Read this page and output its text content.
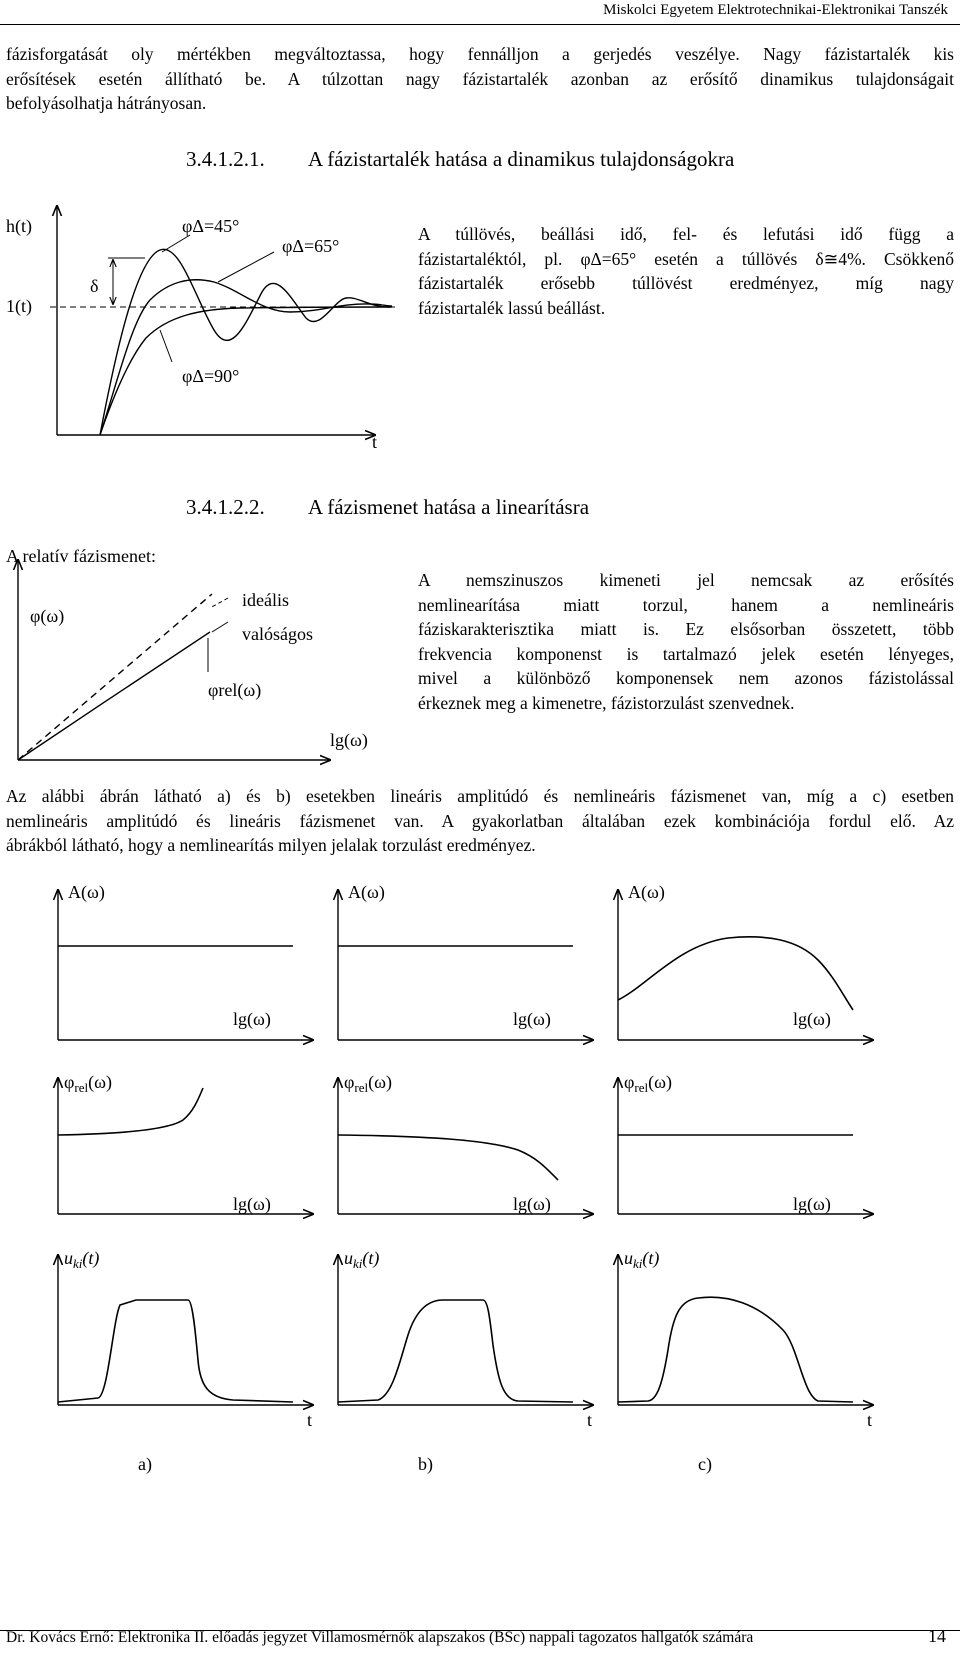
Miskolci Egyetem Elektrotechnikai-Elektronikai Tanszék
fázisforgatását oly mértékben megváltoztassa, hogy fennálljon a gerjedés veszélye. Nagy fázistartalék kis
erősítések esetén állítható be. A túlzottan nagy fázistartalék azonban az erősítő dinamikus tulajdonságait
befolyásolhatja hátrányosan.
3.4.1.2.1. A fázistartalék hatása a dinamikus tulajdonságokra
A túllövés, beállási idő, fel- és lefutási idő függ a
fázistartaléktól, pl. φΔ=65° esetén a túllövés δ≅4%. Csökkenő
fázistartalék erősebb túllövést eredményez, míg nagy
fázistartalék lassú beállást.
3.4.1.2.2. A fázismenet hatása a linearításra
A relatív fázismenet:
A nemszinuszos kimeneti jel nemcsak az erősítés
nemlinearítása miatt torzul, hanem a nemlineáris
fáziskarakterisztika miatt is. Ez elsősorban összetett, több
frekvencia komponenst is tartalmazó jelek esetén lényeges,
mivel a különböző komponensek nem azonos fázistolással
érkeznek meg a kimenetre, fázistorzulást szenvednek.
Az alábbi ábrán látható a) és b) esetekben lineáris amplitúdó és nemlineáris fázismenet van, míg a c) esetben
nemlineáris amplitúdó és lineáris fázismenet van. A gyakorlatban általában ezek kombinációja fordul elő. Az
ábrákból látható, hogy a nemlinearítás milyen jelalak torzulást eredményez.
h(t)
1(t)
δ
φΔ=45°
φΔ=65°
φΔ=90°
t
φ(ω)
ideális
valóságos
φrel(ω)
lg(ω)
A(ω)
lg(ω)
$\varphi_{rel}(\omega)$
lg(ω)
$u_{ki}(t)$
t
a)
A(ω)
lg(ω)
$\varphi_{rel}(\omega)$
lg(ω)
$u_{ki}(t)$
t
b)
A(ω)
lg(ω)
$\varphi_{rel}(\omega)$
lg(ω)
$u_{ki}(t)$
t
c)
Dr. Kovács Ernő: Elektronika II. előadás jegyzet Villamosmérnök alapszakos (BSc) nappali tagozatos hallgatók számára	14
